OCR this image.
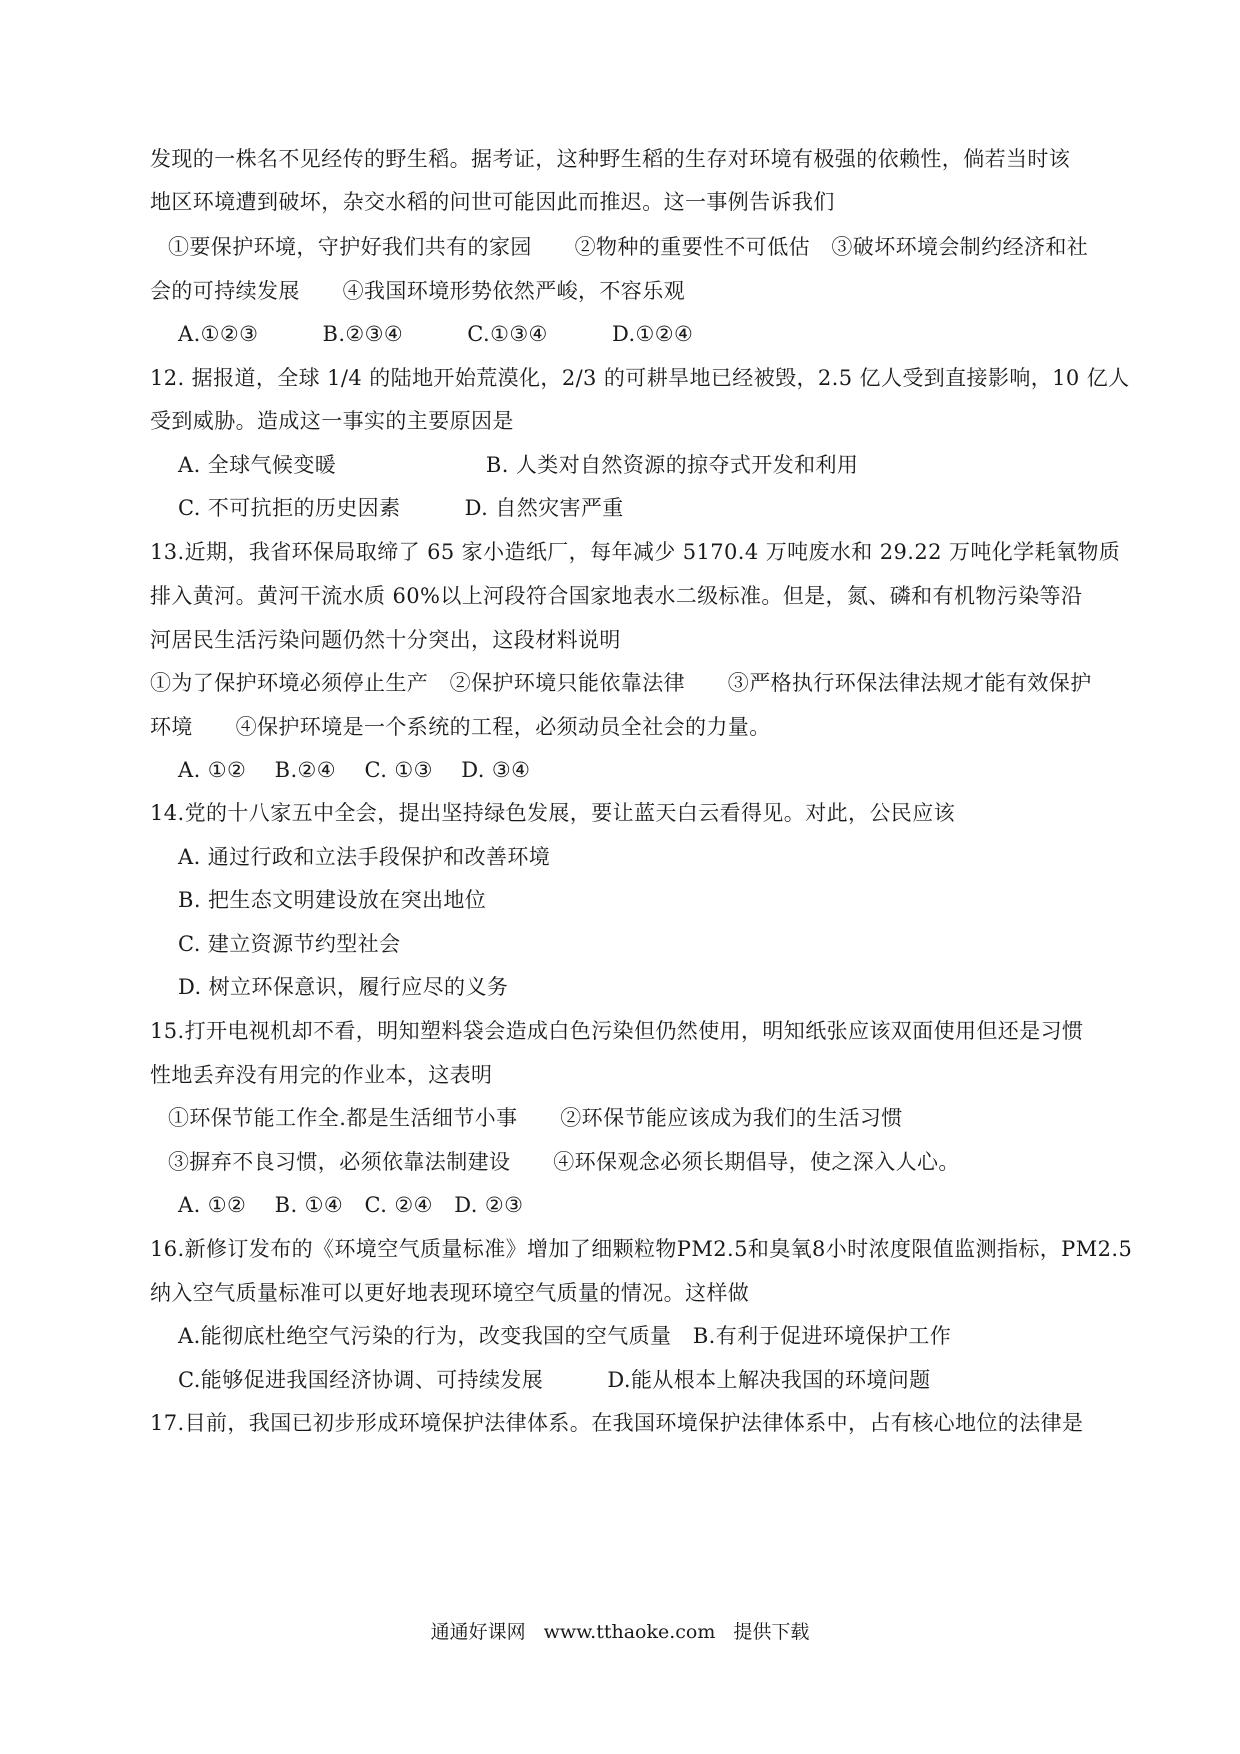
发现的一株名不见经传的野生稻。据考证，这种野生稻的生存对环境有极强的依赖性，倘若当时该
地区环境遭到破坏，杂交水稻的问世可能因此而推迟。这一事例告诉我们
①要保护环境，守护好我们共有的家园　　②物种的重要性不可低估　③破坏环境会制约经济和社
会的可持续发展　　④我国环境形势依然严峻，不容乐观
A.①②③　　　B.②③④　　　C.①③④　　　D.①②④
12. 据报道，全球 1/4 的陆地开始荒漠化，2/3 的可耕旱地已经被毁，2.5 亿人受到直接影响，10 亿人
受到威胁。造成这一事实的主要原因是
A. 全球气候变暖　　　　　　　B. 人类对自然资源的掠夺式开发和利用
C. 不可抗拒的历史因素　　　D. 自然灾害严重
13.近期，我省环保局取缔了 65 家小造纸厂，每年减少 5170.4 万吨废水和 29.22 万吨化学耗氧物质
排入黄河。黄河干流水质 60%以上河段符合国家地表水二级标准。但是，氮、磷和有机物污染等沿
河居民生活污染问题仍然十分突出，这段材料说明
①为了保护环境必须停止生产　②保护环境只能依靠法律　　③严格执行环保法律法规才能有效保护
环境　　④保护环境是一个系统的工程，必须动员全社会的力量。
A. ①②　 B.②④　 C. ①③　 D. ③④
14.党的十八家五中全会，提出坚持绿色发展，要让蓝天白云看得见。对此，公民应该
A. 通过行政和立法手段保护和改善环境
B. 把生态文明建设放在突出地位
C. 建立资源节约型社会
D. 树立环保意识，履行应尽的义务
15.打开电视机却不看，明知塑料袋会造成白色污染但仍然使用，明知纸张应该双面使用但还是习惯
性地丢弃没有用完的作业本，这表明
①环保节能工作全.都是生活细节小事　　②环保节能应该成为我们的生活习惯
③摒弃不良习惯，必须依靠法制建设　　④环保观念必须长期倡导，使之深入人心。
A. ①②　 B. ①④　C. ②④　D. ②③
16.新修订发布的《环境空气质量标准》增加了细颗粒物PM2.5和臭氧8小时浓度限值监测指标，PM2.5
纳入空气质量标准可以更好地表现环境空气质量的情况。这样做
A.能彻底杜绝空气污染的行为，改变我国的空气质量　B.有利于促进环境保护工作
C.能够促进我国经济协调、可持续发展　　　D.能从根本上解决我国的环境问题
17.目前，我国已初步形成环境保护法律体系。在我国环境保护法律体系中，占有核心地位的法律是
通通好课网 www.tthaoke.com 提供下载
